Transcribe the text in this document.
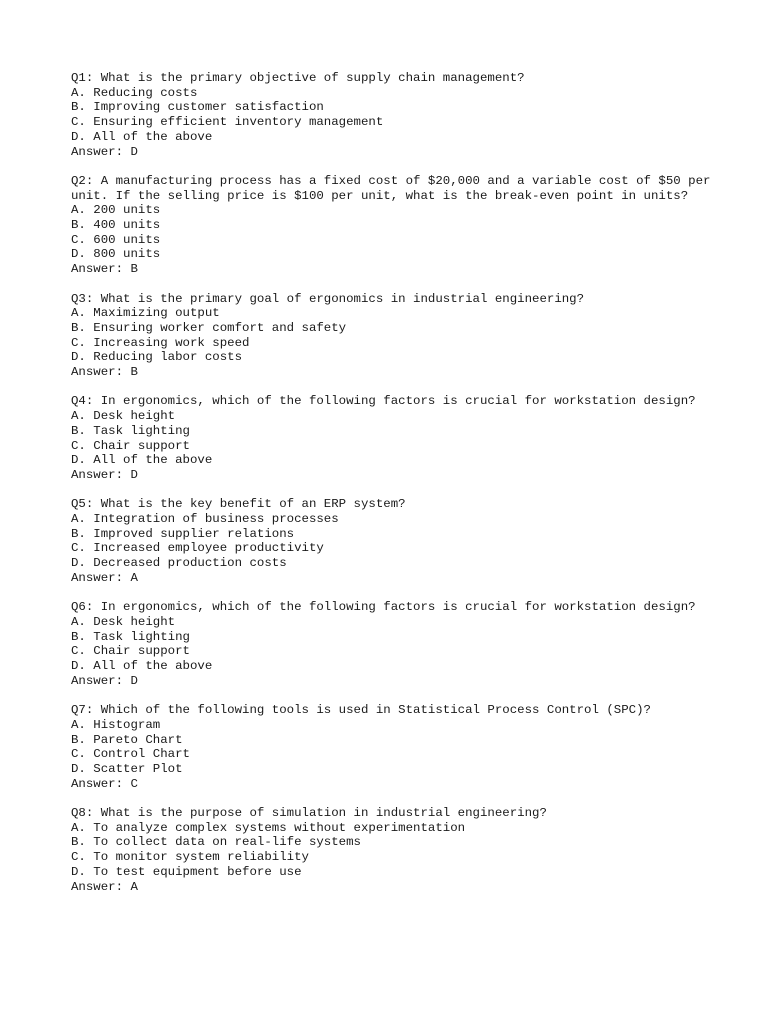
Q1: What is the primary objective of supply chain management?
A. Reducing costs
B. Improving customer satisfaction
C. Ensuring efficient inventory management
D. All of the above
Answer: D
Q2: A manufacturing process has a fixed cost of $20,000 and a variable cost of $50 per unit. If the selling price is $100 per unit, what is the break-even point in units?
A. 200 units
B. 400 units
C. 600 units
D. 800 units
Answer: B
Q3: What is the primary goal of ergonomics in industrial engineering?
A. Maximizing output
B. Ensuring worker comfort and safety
C. Increasing work speed
D. Reducing labor costs
Answer: B
Q4: In ergonomics, which of the following factors is crucial for workstation design?
A. Desk height
B. Task lighting
C. Chair support
D. All of the above
Answer: D
Q5: What is the key benefit of an ERP system?
A. Integration of business processes
B. Improved supplier relations
C. Increased employee productivity
D. Decreased production costs
Answer: A
Q6: In ergonomics, which of the following factors is crucial for workstation design?
A. Desk height
B. Task lighting
C. Chair support
D. All of the above
Answer: D
Q7: Which of the following tools is used in Statistical Process Control (SPC)?
A. Histogram
B. Pareto Chart
C. Control Chart
D. Scatter Plot
Answer: C
Q8: What is the purpose of simulation in industrial engineering?
A. To analyze complex systems without experimentation
B. To collect data on real-life systems
C. To monitor system reliability
D. To test equipment before use
Answer: A
